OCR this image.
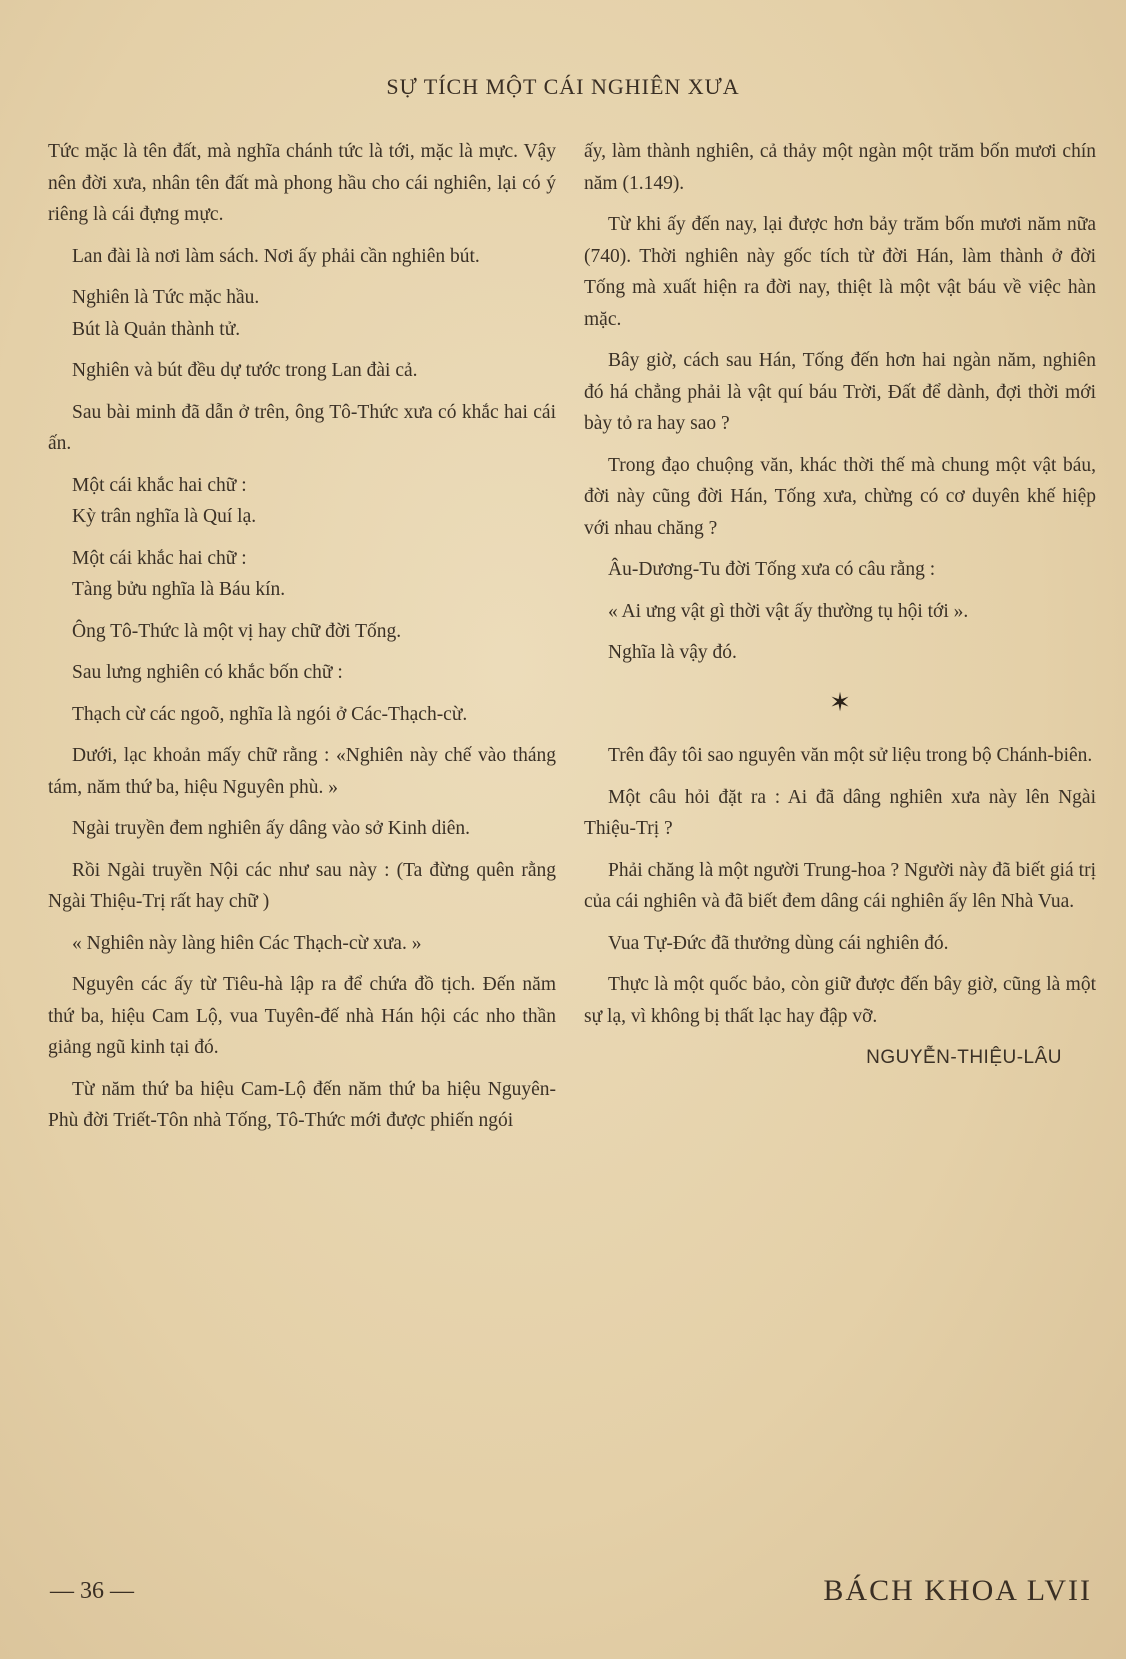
SỰ TÍCH MỘT CÁI NGHIÊN XƯA

Tức mặc là tên đất, mà nghĩa chánh tức là tới, mặc là mực. Vậy nên đời xưa, nhân tên đất mà phong hầu cho cái nghiên, lại có ý riêng là cái đựng mực.

Lan đài là nơi làm sách. Nơi ấy phải cần nghiên bút.

Nghiên là Tức mặc hầu.

Bút là Quản thành tử.

Nghiên và bút đều dự tước trong Lan đài cả.

Sau bài minh đã dẫn ở trên, ông Tô-Thức xưa có khắc hai cái ấn.

Một cái khắc hai chữ :

Kỳ trân nghĩa là Quí lạ.

Một cái khắc hai chữ :

Tàng bửu nghĩa là Báu kín.

Ông Tô-Thức là một vị hay chữ đời Tống.

Sau lưng nghiên có khắc bốn chữ :

Thạch cừ các ngoõ, nghĩa là ngói ở Các-Thạch-cừ.

Dưới, lạc khoản mấy chữ rằng : «Nghiên này chế vào tháng tám, năm thứ ba, hiệu Nguyên phù. »

Ngài truyền đem nghiên ấy dâng vào sở Kinh diên.

Rồi Ngài truyền Nội các như sau này : (Ta đừng quên rằng Ngài Thiệu-Trị rất hay chữ )

« Nghiên này làng hiên Các Thạch-cừ xưa. »

Nguyên các ấy từ Tiêu-hà lập ra để chứa đồ tịch. Đến năm thứ ba, hiệu Cam Lộ, vua Tuyên-đế nhà Hán hội các nho thần giảng ngũ kinh tại đó.

Từ năm thứ ba hiệu Cam-Lộ đến năm thứ ba hiệu Nguyên-Phù đời Triết-Tôn nhà Tống, Tô-Thức mới được phiến ngói

ấy, làm thành nghiên, cả thảy một ngàn một trăm bốn mươi chín năm (1.149).

Từ khi ấy đến nay, lại được hơn bảy trăm bốn mươi năm nữa (740). Thời nghiên này gốc tích từ đời Hán, làm thành ở đời Tống mà xuất hiện ra đời nay, thiệt là một vật báu về việc hàn mặc.

Bây giờ, cách sau Hán, Tống đến hơn hai ngàn năm, nghiên đó há chẳng phải là vật quí báu Trời, Đất để dành, đợi thời mới bày tỏ ra hay sao ?

Trong đạo chuộng văn, khác thời thế mà chung một vật báu, đời này cũng đời Hán, Tống xưa, chừng có cơ duyên khế hiệp với nhau chăng ?

Âu-Dương-Tu đời Tống xưa có câu rằng :

« Ai ưng vật gì thời vật ấy thường tụ hội tới ».

Nghĩa là vậy đó.

✶

Trên đây tôi sao nguyên văn một sử liệu trong bộ Chánh-biên.

Một câu hỏi đặt ra : Ai đã dâng nghiên xưa này lên Ngài Thiệu-Trị ?

Phải chăng là một người Trung-hoa ? Người này đã biết giá trị của cái nghiên và đã biết đem dâng cái nghiên ấy lên Nhà Vua.

Vua Tự-Đức đã thưởng dùng cái nghiên đó.

Thực là một quốc bảo, còn giữ được đến bây giờ, cũng là một sự lạ, vì không bị thất lạc hay đập vỡ.

NGUYỄN-THIỆU-LÂU
— 36 —	BÁCH KHOA LVII
